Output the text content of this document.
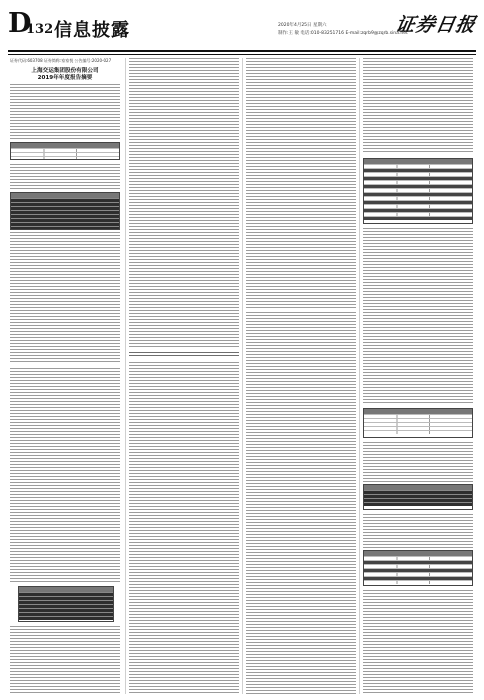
D
132 信息披露	2020年4月25日 星期六
制作:王 敏 电话:010-83251716 E-mail:zqrb9@zqrb.sina.net
证券日报
证券代码:603708 证券简称:家家悦 公告编号:2020-027
上海交运集团股份有限公司
2019年年度报告摘要
